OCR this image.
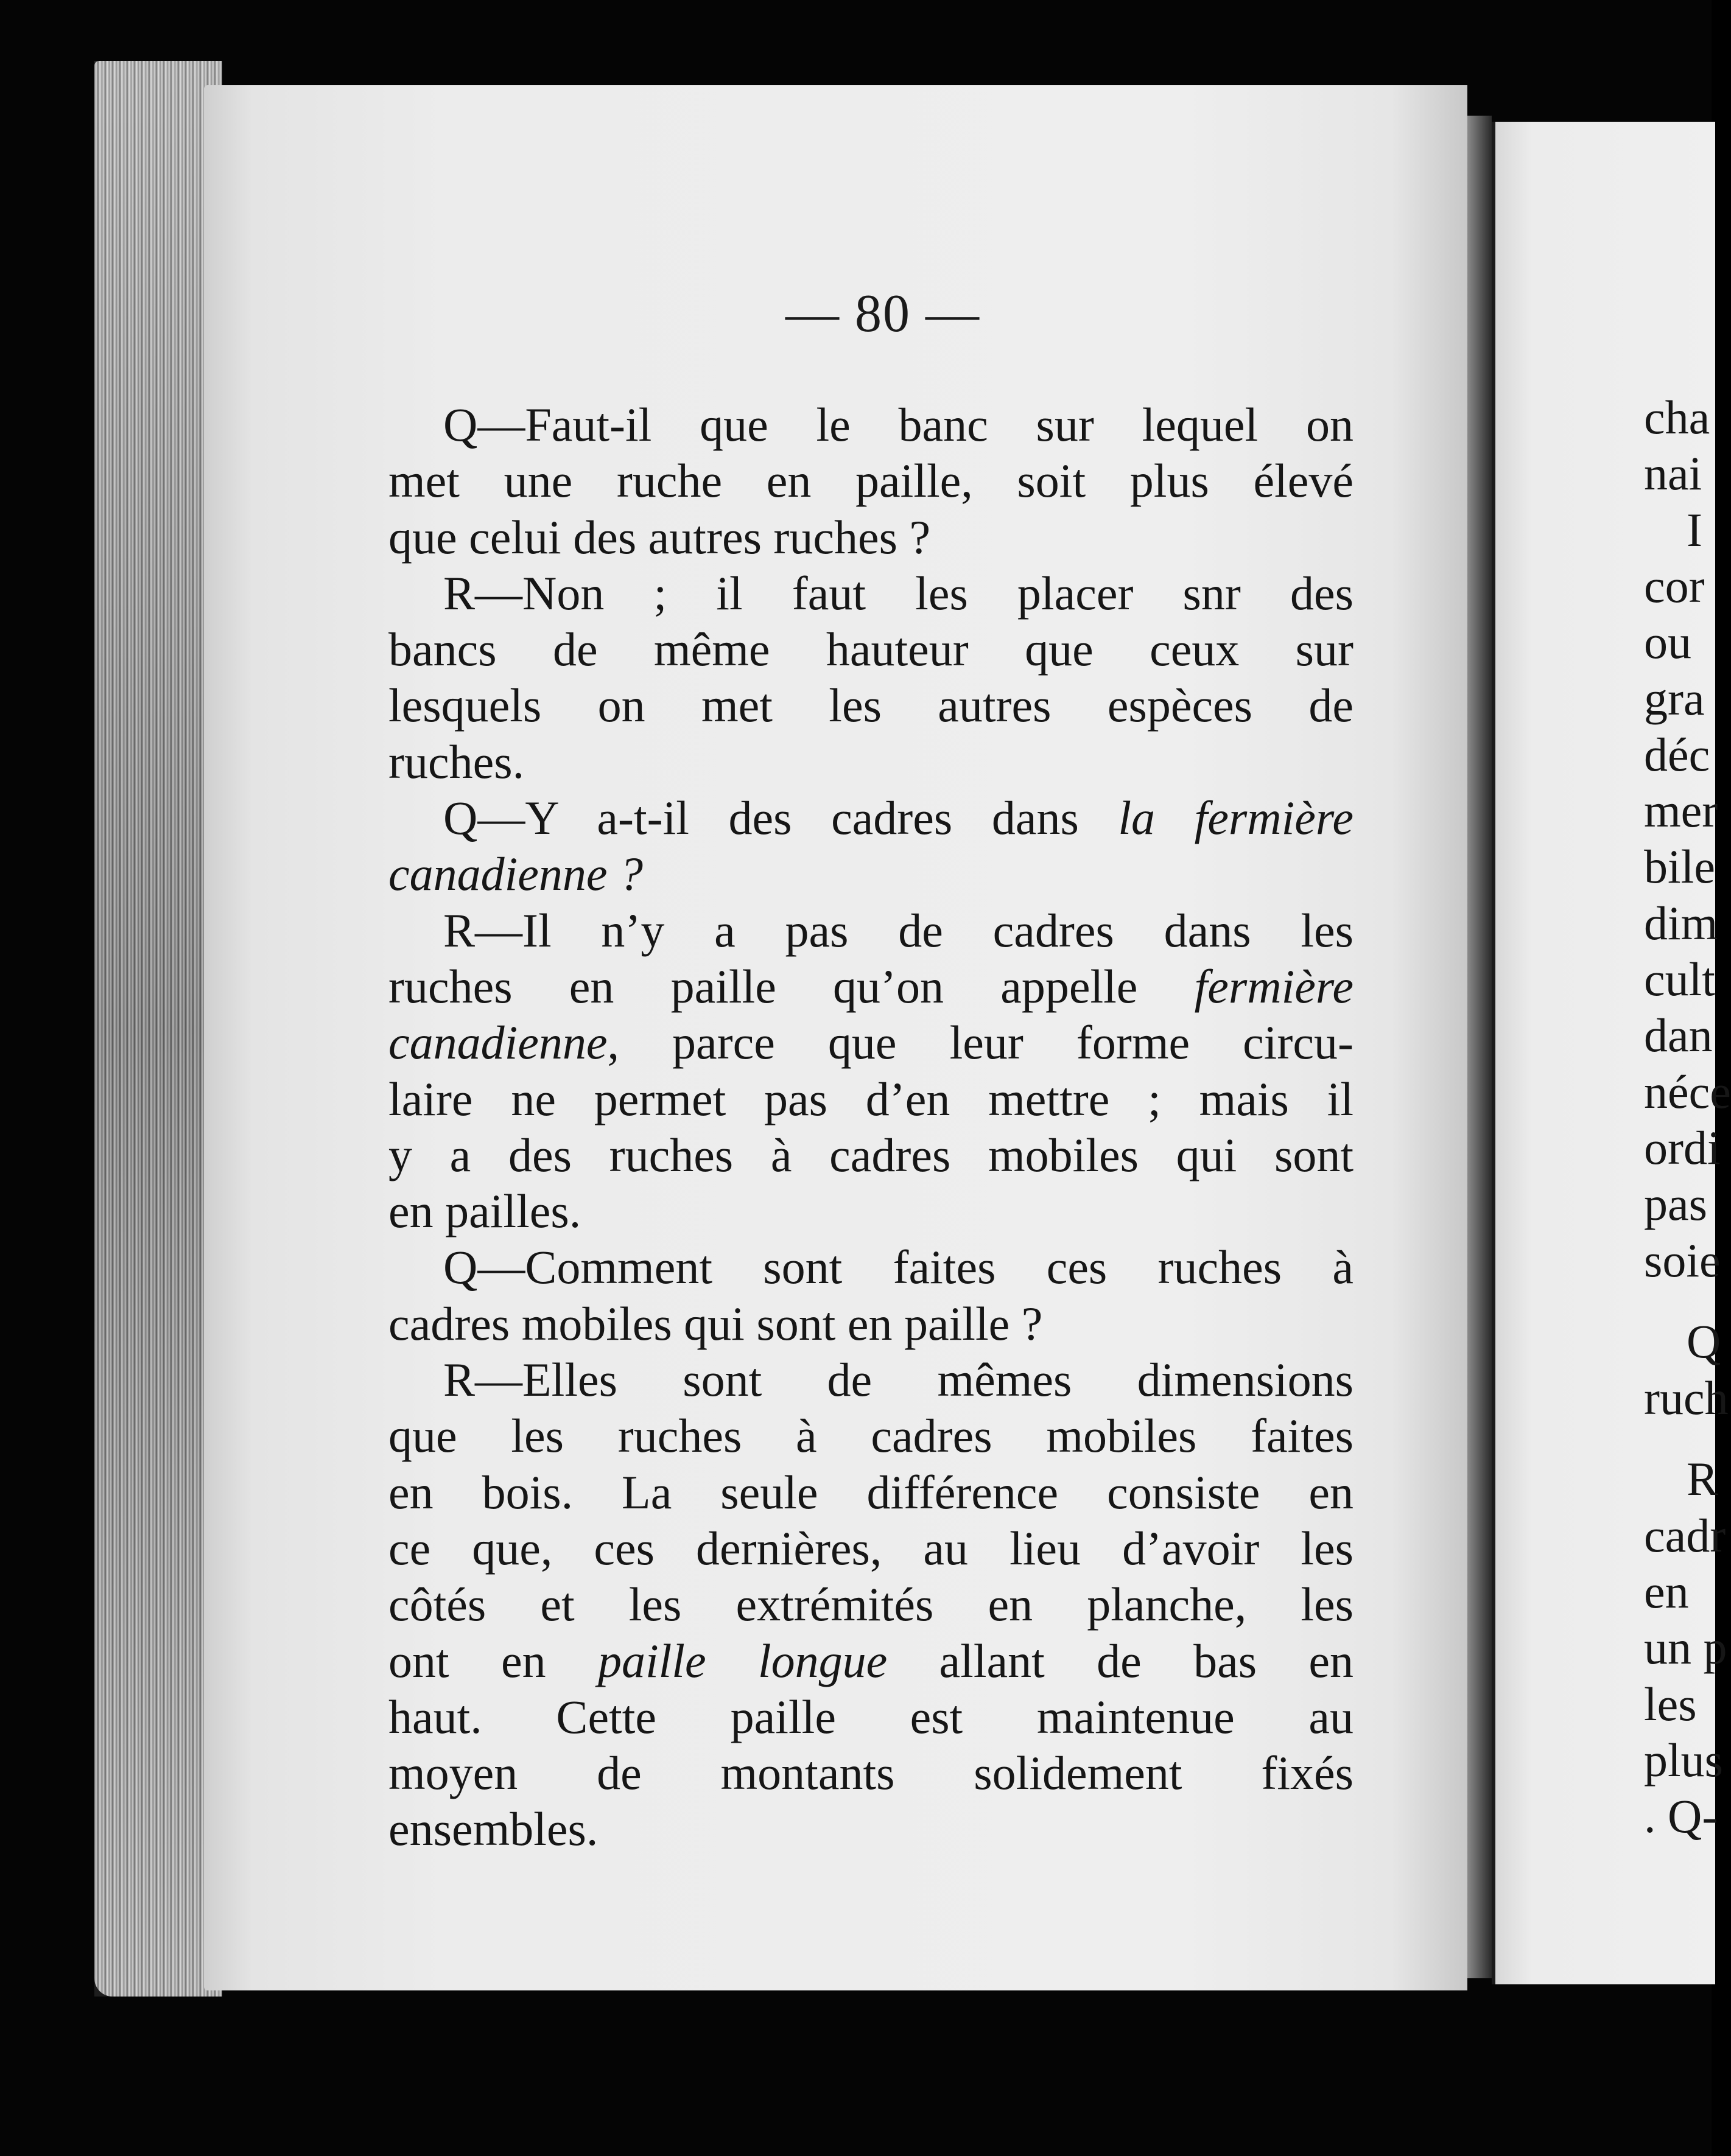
— 80 —
Q—Faut-il que le banc sur lequel on
met une ruche en paille, soit plus élevé
que celui des autres ruches ?
R—Non ; il faut les placer snr des
bancs de même hauteur que ceux sur
lesquels on met les autres espèces de
ruches.
Q—Y a-t-il des cadres dans la fermière
canadienne ?
R—Il n’y a pas de cadres dans les
ruches en paille qu’on appelle fermière
canadienne, parce que leur forme circu-
laire ne permet pas d’en mettre ; mais il
y a des ruches à cadres mobiles qui sont
en pailles.
Q—Comment sont faites ces ruches à
cadres mobiles qui sont en paille ?
R—Elles sont de mêmes dimensions
que les ruches à cadres mobiles faites
en bois. La seule différence consiste en
ce que, ces dernières, au lieu d’avoir les
côtés et les extrémités en planche, les
ont en paille longue allant de bas en
haut. Cette paille est maintenue au
moyen de montants solidement fixés
ensembles.
cha
nai
I
cor
ou
gra
déc
mer
bile
dim
cult
dan
néce
ordi
pas
soie
Q
ruch
R
cadr
en
un p
les
plus
. Q-
